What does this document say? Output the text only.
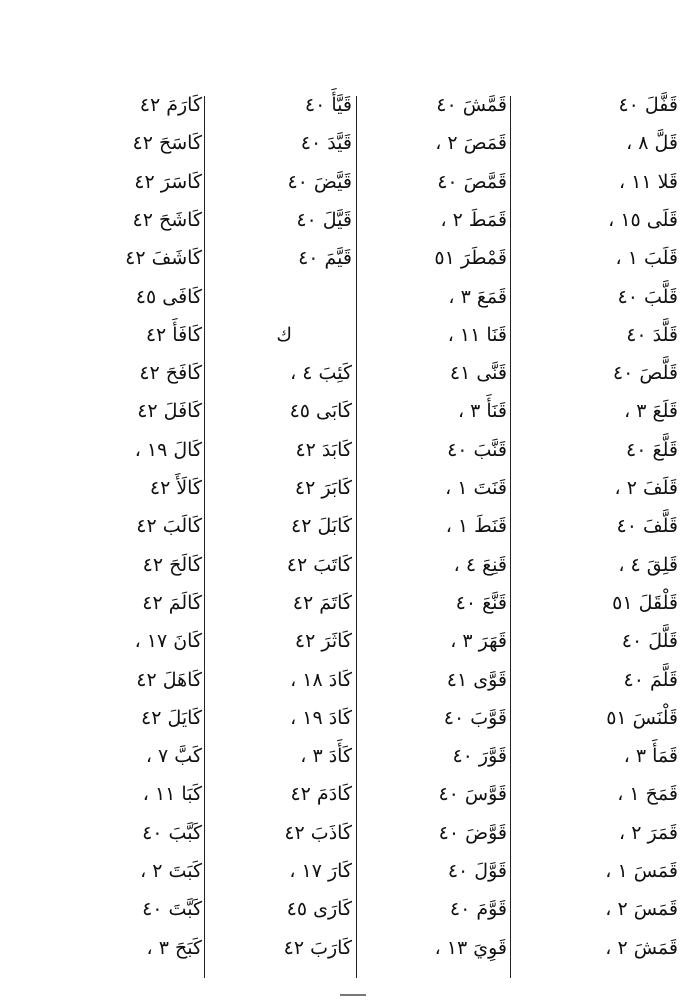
قَفَّلَ ٤٠
قَلَّ ٨ ،
قَلا ١١ ،
قَلَى ١٥ ،
قَلَبَ ١ ،
قَلَّبَ ٤٠
قَلَّدَ ٤٠
قَلَّصَ ٤٠
قَلَعَ ٣ ،
قَلَّعَ ٤٠
قَلَفَ ٢ ،
قَلَّفَ ٤٠
قَلِقَ ٤ ،
قَلْقَلَ ٥١
قَلَّلَ ٤٠
قَلَّمَ ٤٠
قَلْنَسَ ٥١
قَمَأَ ٣ ،
قَمَحَ ١ ،
قَمَرَ ٢ ،
قَمَسَ ١ ،
قَمَسَ ٢ ،
قَمَشَ ٢ ،
قَمَّشَ ٤٠
قَمَصَ ٢ ،
قَمَّصَ ٤٠
قَمَطَ ٢ ،
قَمْطَرَ ٥١
قَمَعَ ٣ ،
قَنَا ١١ ،
قَنَّى ٤١
قَنَأَ ٣ ،
قَنَّبَ ٤٠
قَنَتَ ١ ،
قَنَطَ ١ ،
قَنِعَ ٤ ،
قَنَّعَ ٤٠
قَهَرَ ٣ ،
قَوَّى ٤١
قَوَّبَ ٤٠
قَوَّرَ ٤٠
قَوَّسَ ٤٠
قَوَّضَ ٤٠
قَوَّلَ ٤٠
قَوَّمَ ٤٠
قَوِيَ ١٣ ،
قَيَّأَ ٤٠
قَيَّدَ ٤٠
قَيَّضَ ٤٠
قَيَّلَ ٤٠
قَيَّمَ ٤٠
ك
كَئِبَ ٤ ،
كَابَى ٤٥
كَابَدَ ٤٢
كَابَرَ ٤٢
كَابَلَ ٤٢
كَاتَبَ ٤٢
كَاتَمَ ٤٢
كَاثَرَ ٤٢
كَادَ ١٨ ،
كَادَ ١٩ ،
كَأَدَ ٣ ،
كَادَمَ ٤٢
كَاذَبَ ٤٢
كَارَ ١٧ ،
كَارَى ٤٥
كَارَبَ ٤٢
كَارَمَ ٤٢
كَاسَحَ ٤٢
كَاسَرَ ٤٢
كَاشَحَ ٤٢
كَاشَفَ ٤٢
كَافَى ٤٥
كَافَأَ ٤٢
كَافَحَ ٤٢
كَافَلَ ٤٢
كَالَ ١٩ ،
كَالَأَ ٤٢
كَالَبَ ٤٢
كَالَحَ ٤٢
كَالَمَ ٤٢
كَانَ ١٧ ،
كَاهَلَ ٤٢
كَايَلَ ٤٢
كَبَّ ٧ ،
كَبَا ١١ ،
كَبَّبَ ٤٠
كَبَتَ ٢ ،
كَبَّتَ ٤٠
كَبَحَ ٣ ،
